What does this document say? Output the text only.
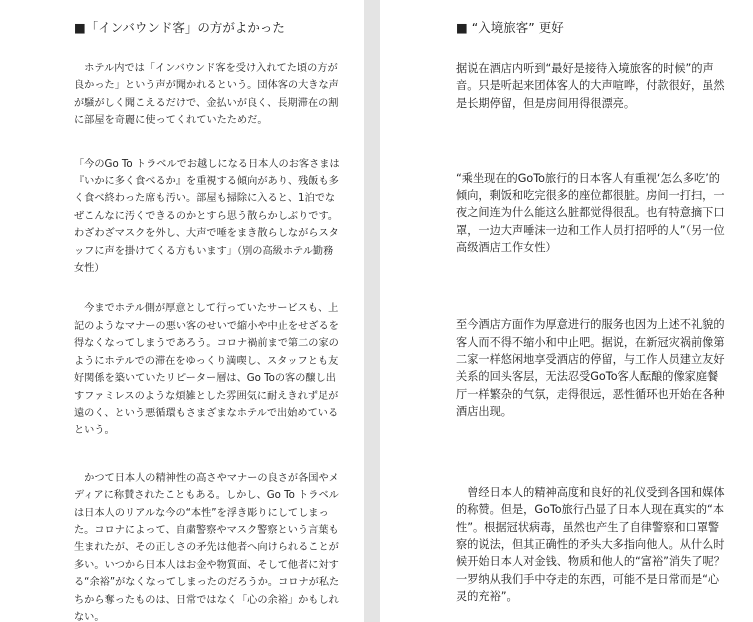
■「インバウンド客」の方がよかった

　ホテル内では「インバウンド客を受け入れてた頃の方が良かった」という声が聞かれるという。団体客の大きな声が騒がしく聞こえるだけで、金払いが良く、長期滞在の割に部屋を奇麗に使ってくれていたためだ。

「今のGo To トラベルでお越しになる日本人のお客さまは『いかに多く食べるか』を重視する傾向があり、残飯も多く食べ終わった席も汚い。部屋も掃除に入ると、1泊でなぜこんなに汚くできるのかとすら思う散らかしぶりです。わざわざマスクを外し、大声で唾をまき散らしながらスタッフに声を掛けてくる方もいます」（別の高級ホテル勤務女性）

　今までホテル側が厚意として行っていたサービスも、上記のようなマナーの悪い客のせいで縮小や中止をせざるを得なくなってしまうであろう。コロナ禍前まで第二の家のようにホテルでの滞在をゆっくり満喫し、スタッフとも友好関係を築いていたリピーター層は、Go Toの客の醸し出すファミレスのような煩雑とした雰囲気に耐えきれず足が遠のく、という悪循環もさまざまなホテルで出始めているという。

　かつて日本人の精神性の高さやマナーの良さが各国やメディアに称賛されたこともある。しかし、Go To トラベルは日本人のリアルな今の“本性”を浮き彫りにしてしまった。コロナによって、自粛警察やマスク警察という言葉も生まれたが、その正しさの矛先は他者へ向けられることが多い。いつから日本人はお金や物質面、そして他者に対する“余裕”がなくなってしまったのだろうか。コロナが私たちから奪ったものは、日常ではなく「心の余裕」かもしれない。

■ “入境旅客” 更好

据说在酒店内听到“最好是接待入境旅客的时候”的声音。只是听起来团体客人的大声喧哗，付款很好，虽然是长期停留，但是房间用得很漂亮。

“乘坐现在的GoTo旅行的日本客人有重视‘怎么多吃’的倾向，剩饭和吃完很多的座位都很脏。房间一打扫，一夜之间连为什么能这么脏都觉得很乱。也有特意摘下口罩，一边大声唾沫一边和工作人员打招呼的人”（另一位高级酒店工作女性）

至今酒店方面作为厚意进行的服务也因为上述不礼貌的客人而不得不缩小和中止吧。据说，在新冠灾祸前像第二家一样悠闲地享受酒店的停留，与工作人员建立友好关系的回头客层，无法忍受GoTo客人酝酿的像家庭餐厅一样繁杂的气氛，走得很远，恶性循环也开始在各种酒店出现。

　曾经日本人的精神高度和良好的礼仪受到各国和媒体的称赞。但是，GoTo旅行凸显了日本人现在真实的“本性”。根据冠状病毒，虽然也产生了自律警察和口罩警察的说法，但其正确性的矛头大多指向他人。从什么时候开始日本人对金钱、物质和他人的“富裕”消失了呢？一罗纳从我们手中夺走的东西，可能不是日常而是“心灵的充裕”。
